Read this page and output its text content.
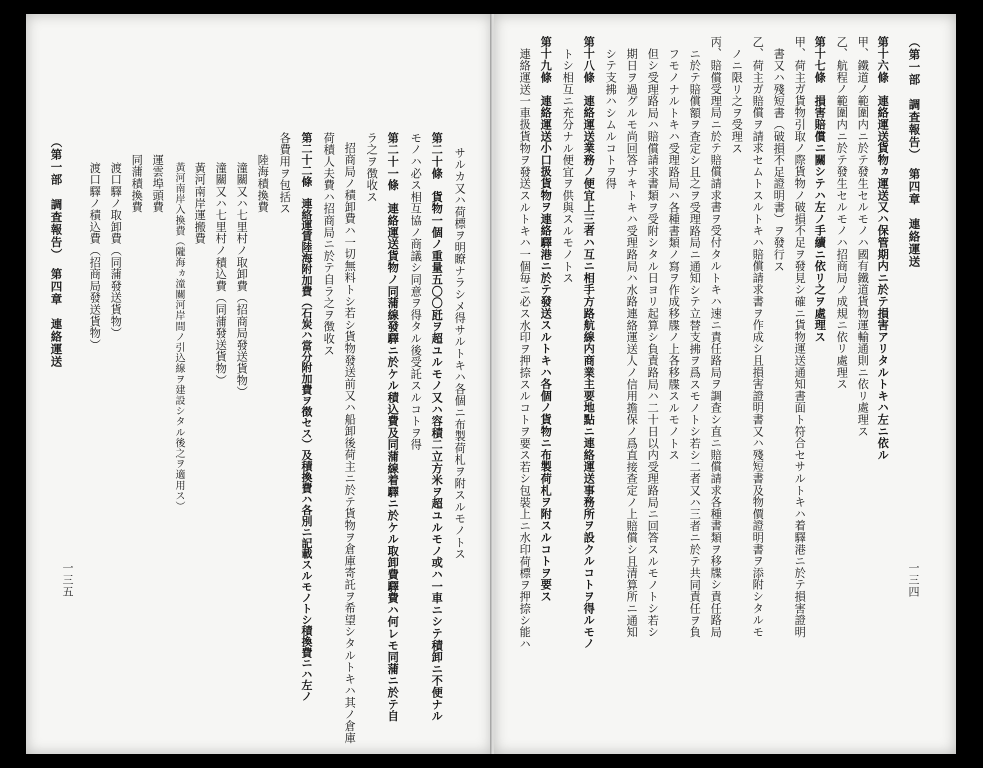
一三五
サルカ又ハ荷標ヲ明瞭ナラシメ得サルトキハ各個ニ布製荷札ヲ附スルモノトス
第二十條　貨物一個ノ重量五〇〇瓩ヲ超ユルモノ又ハ容積二立方米ヲ超ユルモノ或ハ一車ニシテ積卸ニ不便ナル
モノハ必ス相互協ノ商議シ同意ヲ得タル後受託スルコトヲ得
第二十一條　連絡運送貨物ノ同蒲線發驛ニ於ケル積込費及同蒲線着驛ニ於ケル取卸費驛費ハ何レモ同蒲ニ於テ自
ラ之ヲ徴收ス
招商局ノ積卸費ハ一切無料トシ若シ貨物發送前又ハ船卸後荷主ニ於テ貨物ヲ倉庫寄託ヲ希望シタルトキハ其ノ倉庫
荷積人夫費ハ招商局ニ於テ自ラ之ヲ徴收ス
第二十二條　連絡運賃陸海附加費（石炭ハ當分附加費ヲ徴セス）及積換費ハ各別ニ記載スルモノトシ積換費ニハ左ノ
各費用ヲ包括ス
陸海積換費
潼關又ハ七里村ノ取卸費（招商局發送貨物）
潼關又ハ七里村ノ積込費（同蒲發送貨物）
黃河南岸運搬費
黃河南岸入換費（隴海ヵ潼關河岸間ノ引込線ヲ建設シタル後之ヲ適用ス）
運雲埠頭費
同蒲積換費
渡口驛ノ取卸費（同蒲發送貨物）
渡口驛ノ積込費（招商局發送貨物）
（第一部　調査報告）　第四章　連絡運送	（第一部　調査報告）　第四章　連絡運送
一三四
第十六條　連絡運送貨物ヵ運送又ハ保管期内ニ於テ損害アリタルトキハ左ニ依ル
甲、鐵道ノ範圍内ニ於テ發生セルモノハ國有鐵道貨物運輸通則ニ依リ處理ス
乙、航程ノ範圍内ニ於テ發生セルモノハ招商局ノ成規ニ依リ處理ス
第十七條　損害賠償ニ關シテハ左ノ手續ニ依リ之ヲ處理ス
甲、荷主ガ貨物引取ノ際貨物ノ破損不足ヲ發見シ確ニ貨物運送通知書面ト符合セサルトキハ着驛港ニ於テ損害證明
書又ハ殘短書（破損不足證明書）ヲ發行ス
乙、荷主ガ賠償ヲ請求セムトスルトキハ賠償請求書ヲ作成シ且損害證明書又ハ殘短書及物價證明書ヲ添附シタルモ
ノニ限リ之ヲ受理ス
丙、賠償受理局ニ於テ賠償請求書ヲ受付タルトキハ速ニ責任路局ヲ調査シ直ニ賠償請求各種書類ヲ移牒シ責任路局
ニ於テ賠償額ヲ査定シ且之ヲ受理路局ニ通知シテ立替支拂ヲ爲スモノトシ若シ二者又ハ三者ニ於テ共同責任ヲ負
フモノナルトキハ受理路局ハ各種書類ノ寫ヲ作成移牒ノ上各移牒スルモノトス
但シ受理路局ハ賠償請求書類ヲ受附シタル日ヨリ起算シ負責路局ハ二十日以内受理路局ニ回答スルモノトシ若シ
期日ヲ過グルモ尚回答ナキトキハ受理路局ハ水路連絡運送人ノ信用擔保ノ爲直接查定ノ上賠償シ且清算所ニ通知
シテ支拂ハシムルコトヲ得
第十八條　連絡運送業務ノ便宜上三者ハ互ニ相手方路航線内商業主要地點ニ連絡運送事務所ヲ設クルコトヲ得ルモノ
トシ相互ニ充分ナル便宜ヲ供與スルモノトス
第十九條　連絡運送小口扱貨物ヲ連絡驛港ニ於テ發送スルトキハ各個ノ貨物ニ布製荷札ヲ附スルコトヲ要ス
連絡運送一車扱貨物ヲ發送スルトキハ一個毎ニ必ス水印ヲ押捺スルコトヲ要ス若シ包裝上ニ水印荷標ヲ押捺シ能ハ
